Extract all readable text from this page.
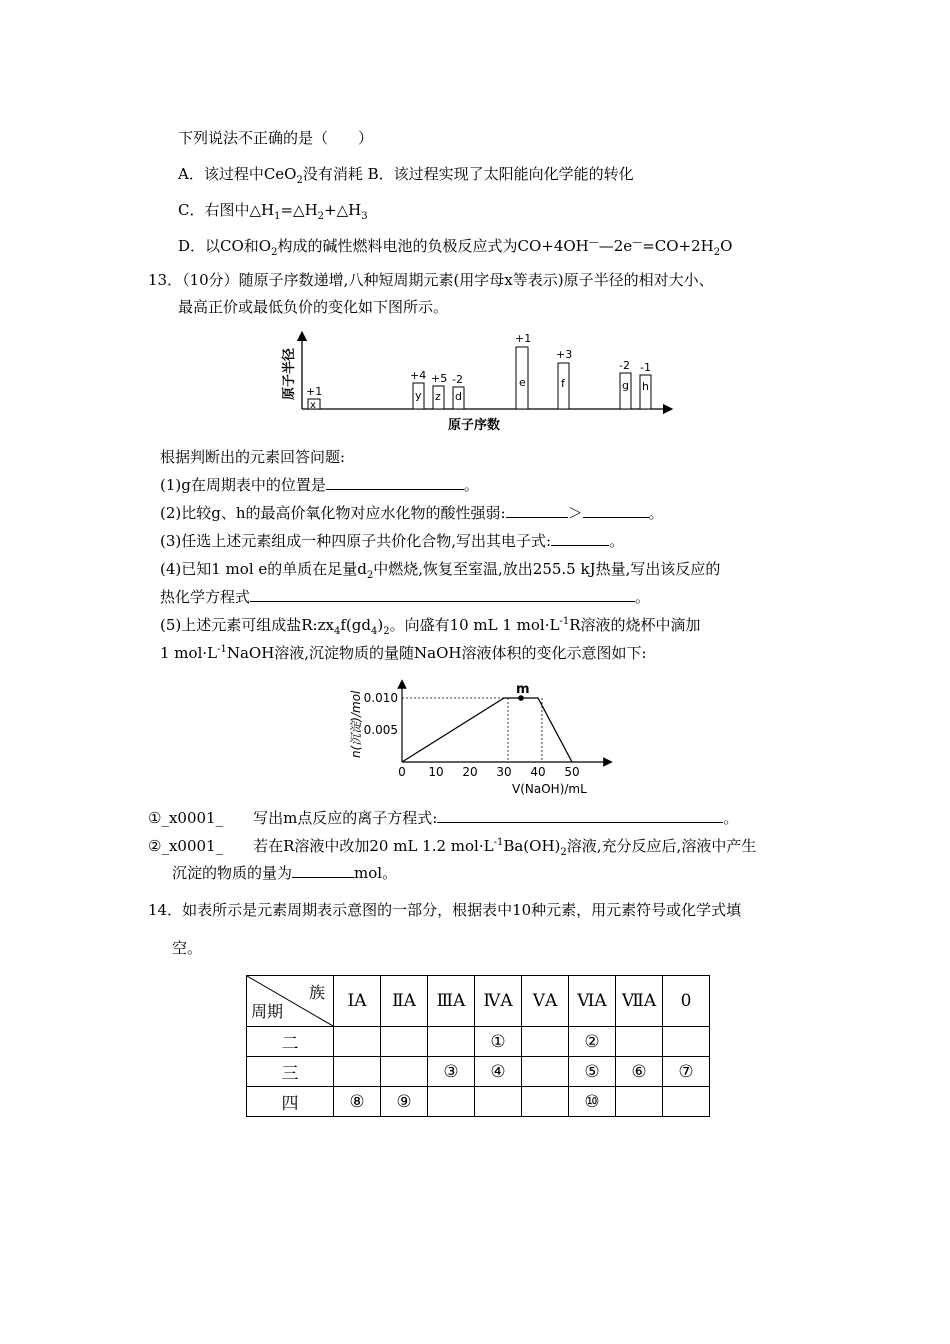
下列说法不正确的是（　　）
A．该过程中CeO$_2$没有消耗 B．该过程实现了太阳能向化学能的转化
C．右图中$\triangle H_1=\triangle H_2+\triangle H_3$
D．以CO和$O_2$构成的碱性燃料电池的负极反应式为$CO+4OH^——2e^—=CO+2H_2O$
13．（10分）随原子序数递增,八种短周期元素(用字母x等表示)原子半径的相对大小、
最高正价或最低负价的变化如下图所示。
原子半径
原子序数
x
+1	y
+4
z
+5
d
-2	e
+1
f
+3
g
-2
h
-1
根据判断出的元素回答问题:
(1)g在周期表中的位置是	。
(2)比较g、h的最高价氧化物对应水化物的酸性强弱:	＞	。
(3)任选上述元素组成一种四原子共价化合物,写出其电子式:	。
(4)已知1 mol e的单质在足量$d_2$中燃烧,恢复至室温,放出255.5 kJ热量,写出该反应的
热化学方程式	。
(5)上述元素可组成盐$R:zx_4f(gd_4)_2$。向盛有10 mL 1 $mol\cdot L^{-1}R$溶液的烧杯中滴加
1 $mol\cdot L^{-1}NaOH$溶液,沉淀物质的量随NaOH溶液体积的变化示意图如下:
0.005
0.010
0 10 20 30 40 50
m
n(沉淀)/mol
V(NaOH)/mL
①_x0001_　　写出m点反应的离子方程式:	。
②_x0001_　　若在R溶液中改加20 mL 1.2 $mol\cdot L^{-1}Ba(OH)_2$溶液,充分反应后,溶液中产生
沉淀的物质的量为	mol。
14．如表所示是元素周期表示意图的一部分，根据表中10种元素，用元素符号或化学式填
空。
族
周期	ⅠA	ⅡA	ⅢA	ⅣA	ⅤA	ⅥA	ⅦA	0
二				①		②		
三			③	④		⑤	⑥	⑦
四	⑧	⑨				⑩		
